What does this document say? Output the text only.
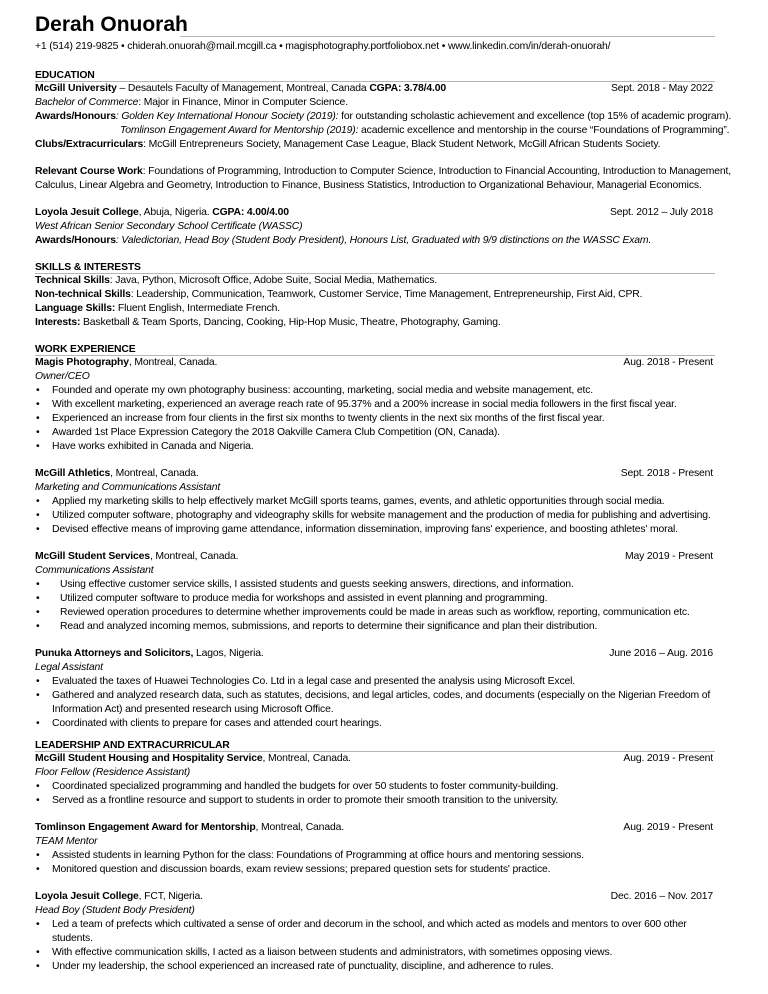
Derah Onuorah
+1 (514) 219-9825 • chiderah.onuorah@mail.mcgill.ca • magisphotography.portfoliobox.net • www.linkedin.com/in/derah-onuorah/
EDUCATION
McGill University – Desautels Faculty of Management, Montreal, Canada CGPA: 3.78/4.00	Sept. 2018 - May 2022
Bachelor of Commerce: Major in Finance, Minor in Computer Science.
Awards/Honours: Golden Key International Honour Society (2019): for outstanding scholastic achievement and excellence (top 15% of academic program).
Tomlinson Engagement Award for Mentorship (2019): academic excellence and mentorship in the course “Foundations of Programming”.
Clubs/Extracurriculars: McGill Entrepreneurs Society, Management Case League, Black Student Network, McGill African Students Society.
Relevant Course Work: Foundations of Programming, Introduction to Computer Science, Introduction to Financial Accounting, Introduction to Management,
Calculus, Linear Algebra and Geometry, Introduction to Finance, Business Statistics, Introduction to Organizational Behaviour, Managerial Economics.
Loyola Jesuit College, Abuja, Nigeria. CGPA: 4.00/4.00	Sept. 2012 – July 2018
West African Senior Secondary School Certificate (WASSC)
Awards/Honours: Valedictorian, Head Boy (Student Body President), Honours List, Graduated with 9/9 distinctions on the WASSC Exam.
SKILLS & INTERESTS
Technical Skills: Java, Python, Microsoft Office, Adobe Suite, Social Media, Mathematics.
Non-technical Skills: Leadership, Communication, Teamwork, Customer Service, Time Management, Entrepreneurship, First Aid, CPR.
Language Skills: Fluent English, Intermediate French.
Interests: Basketball & Team Sports, Dancing, Cooking, Hip-Hop Music, Theatre, Photography, Gaming.
WORK EXPERIENCE
Magis Photography, Montreal, Canada.	Aug. 2018 - Present
Owner/CEO
• Founded and operate my own photography business: accounting, marketing, social media and website management, etc.
• With excellent marketing, experienced an average reach rate of 95.37% and a 200% increase in social media followers in the first fiscal year.
• Experienced an increase from four clients in the first six months to twenty clients in the next six months of the first fiscal year.
• Awarded 1st Place Expression Category the 2018 Oakville Camera Club Competition (ON, Canada).
• Have works exhibited in Canada and Nigeria.
McGill Athletics, Montreal, Canada.	Sept. 2018 - Present
Marketing and Communications Assistant
• Applied my marketing skills to help effectively market McGill sports teams, games, events, and athletic opportunities through social media.
• Utilized computer software, photography and videography skills for website management and the production of media for publishing and advertising.
• Devised effective means of improving game attendance, information dissemination, improving fans' experience, and boosting athletes' moral.
McGill Student Services, Montreal, Canada.	May 2019 - Present
Communications Assistant
• Using effective customer service skills, I assisted students and guests seeking answers, directions, and information.
• Utilized computer software to produce media for workshops and assisted in event planning and programming.
• Reviewed operation procedures to determine whether improvements could be made in areas such as workflow, reporting, communication etc.
• Read and analyzed incoming memos, submissions, and reports to determine their significance and plan their distribution.
Punuka Attorneys and Solicitors, Lagos, Nigeria.	June 2016 – Aug. 2016
Legal Assistant
• Evaluated the taxes of Huawei Technologies Co. Ltd in a legal case and presented the analysis using Microsoft Excel.
• Gathered and analyzed research data, such as statutes, decisions, and legal articles, codes, and documents (especially on the Nigerian Freedom of Information Act) and presented research using Microsoft Office.
• Coordinated with clients to prepare for cases and attended court hearings.
LEADERSHIP AND EXTRACURRICULAR
McGill Student Housing and Hospitality Service, Montreal, Canada.	Aug. 2019 - Present
Floor Fellow (Residence Assistant)
• Coordinated specialized programming and handled the budgets for over 50 students to foster community-building.
• Served as a frontline resource and support to students in order to promote their smooth transition to the university.
Tomlinson Engagement Award for Mentorship, Montreal, Canada.	Aug. 2019 - Present
TEAM Mentor
• Assisted students in learning Python for the class: Foundations of Programming at office hours and mentoring sessions.
• Monitored question and discussion boards, exam review sessions; prepared question sets for students' practice.
Loyola Jesuit College, FCT, Nigeria.	Dec. 2016 – Nov. 2017
Head Boy (Student Body President)
• Led a team of prefects which cultivated a sense of order and decorum in the school, and which acted as models and mentors to over 600 other students.
• With effective communication skills, I acted as a liaison between students and administrators, with sometimes opposing views.
• Under my leadership, the school experienced an increased rate of punctuality, discipline, and adherence to rules.
